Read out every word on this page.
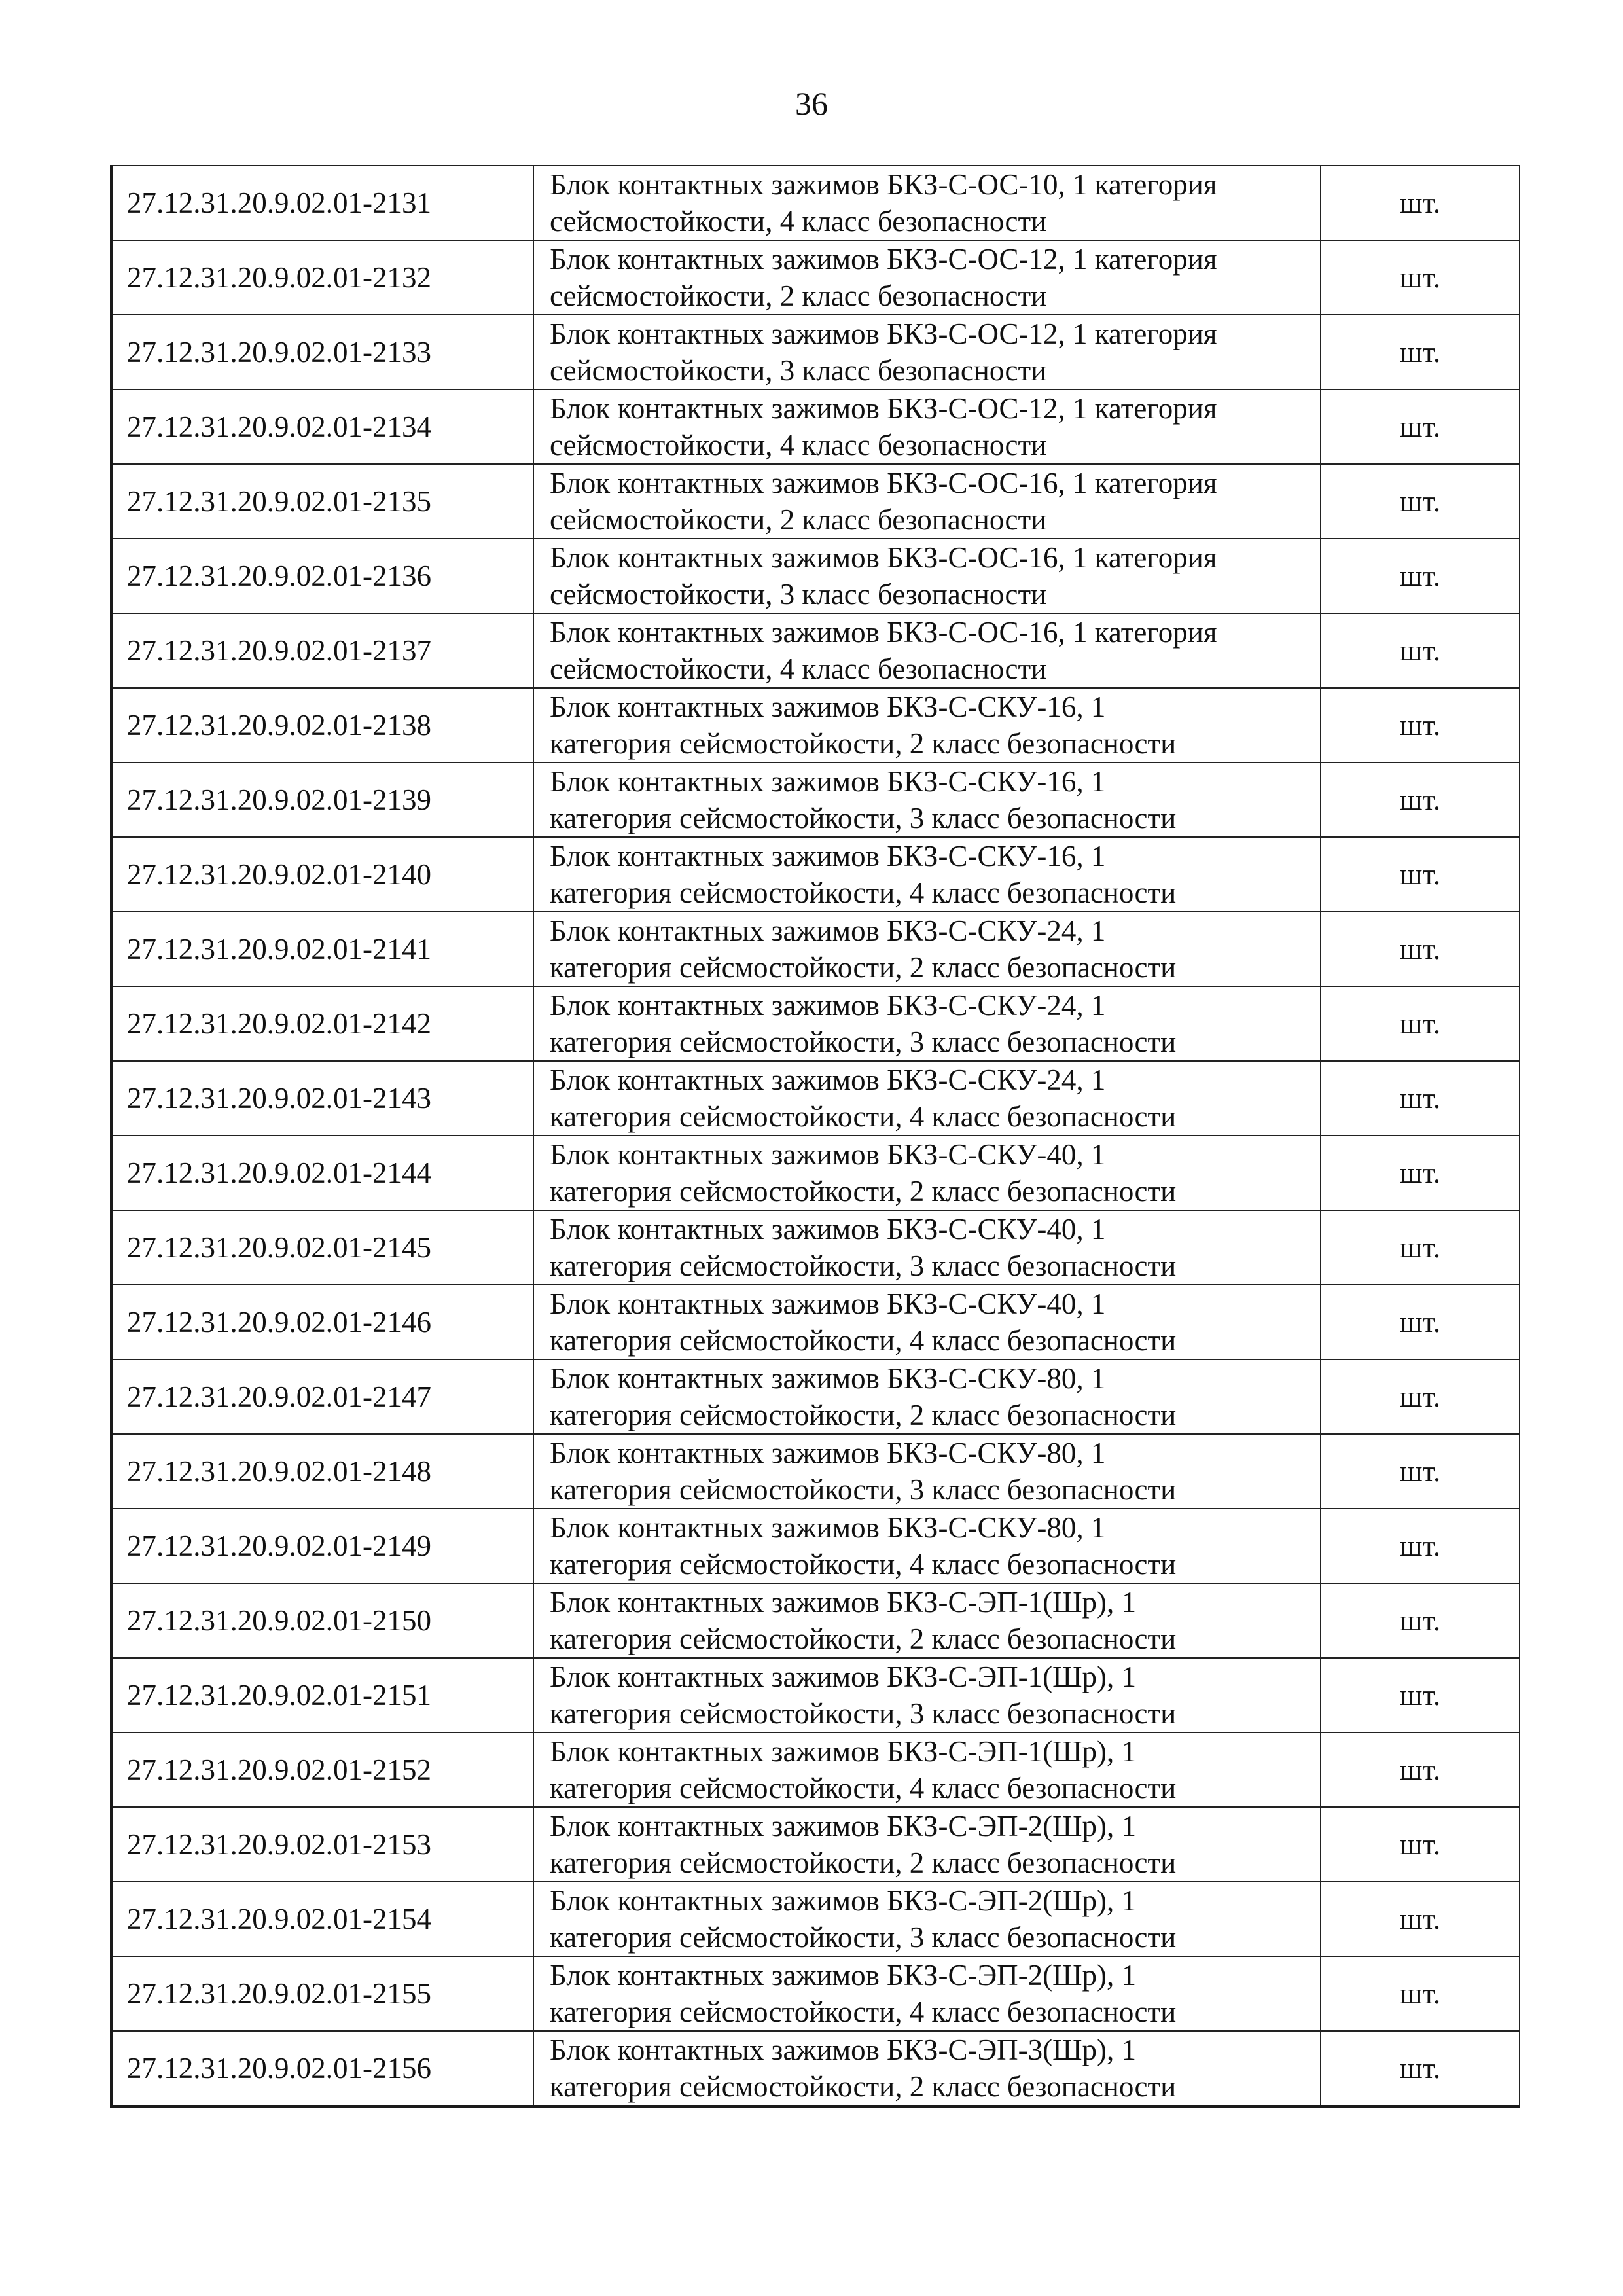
36
27.12.31.20.9.02.01-2131	Блок контактных зажимов БКЗ-С-ОС-10, 1 категория
сейсмостойкости, 4 класс безопасности	шт.
27.12.31.20.9.02.01-2132	Блок контактных зажимов БКЗ-С-ОС-12, 1 категория
сейсмостойкости, 2 класс безопасности	шт.
27.12.31.20.9.02.01-2133	Блок контактных зажимов БКЗ-С-ОС-12, 1 категория
сейсмостойкости, 3 класс безопасности	шт.
27.12.31.20.9.02.01-2134	Блок контактных зажимов БКЗ-С-ОС-12, 1 категория
сейсмостойкости, 4 класс безопасности	шт.
27.12.31.20.9.02.01-2135	Блок контактных зажимов БКЗ-С-ОС-16, 1 категория
сейсмостойкости, 2 класс безопасности	шт.
27.12.31.20.9.02.01-2136	Блок контактных зажимов БКЗ-С-ОС-16, 1 категория
сейсмостойкости, 3 класс безопасности	шт.
27.12.31.20.9.02.01-2137	Блок контактных зажимов БКЗ-С-ОС-16, 1 категория
сейсмостойкости, 4 класс безопасности	шт.
27.12.31.20.9.02.01-2138	Блок контактных зажимов БКЗ-С-СКУ-16, 1
категория сейсмостойкости, 2 класс безопасности	шт.
27.12.31.20.9.02.01-2139	Блок контактных зажимов БКЗ-С-СКУ-16, 1
категория сейсмостойкости, 3 класс безопасности	шт.
27.12.31.20.9.02.01-2140	Блок контактных зажимов БКЗ-С-СКУ-16, 1
категория сейсмостойкости, 4 класс безопасности	шт.
27.12.31.20.9.02.01-2141	Блок контактных зажимов БКЗ-С-СКУ-24, 1
категория сейсмостойкости, 2 класс безопасности	шт.
27.12.31.20.9.02.01-2142	Блок контактных зажимов БКЗ-С-СКУ-24, 1
категория сейсмостойкости, 3 класс безопасности	шт.
27.12.31.20.9.02.01-2143	Блок контактных зажимов БКЗ-С-СКУ-24, 1
категория сейсмостойкости, 4 класс безопасности	шт.
27.12.31.20.9.02.01-2144	Блок контактных зажимов БКЗ-С-СКУ-40, 1
категория сейсмостойкости, 2 класс безопасности	шт.
27.12.31.20.9.02.01-2145	Блок контактных зажимов БКЗ-С-СКУ-40, 1
категория сейсмостойкости, 3 класс безопасности	шт.
27.12.31.20.9.02.01-2146	Блок контактных зажимов БКЗ-С-СКУ-40, 1
категория сейсмостойкости, 4 класс безопасности	шт.
27.12.31.20.9.02.01-2147	Блок контактных зажимов БКЗ-С-СКУ-80, 1
категория сейсмостойкости, 2 класс безопасности	шт.
27.12.31.20.9.02.01-2148	Блок контактных зажимов БКЗ-С-СКУ-80, 1
категория сейсмостойкости, 3 класс безопасности	шт.
27.12.31.20.9.02.01-2149	Блок контактных зажимов БКЗ-С-СКУ-80, 1
категория сейсмостойкости, 4 класс безопасности	шт.
27.12.31.20.9.02.01-2150	Блок контактных зажимов БКЗ-С-ЭП-1(Шр), 1
категория сейсмостойкости, 2 класс безопасности	шт.
27.12.31.20.9.02.01-2151	Блок контактных зажимов БКЗ-С-ЭП-1(Шр), 1
категория сейсмостойкости, 3 класс безопасности	шт.
27.12.31.20.9.02.01-2152	Блок контактных зажимов БКЗ-С-ЭП-1(Шр), 1
категория сейсмостойкости, 4 класс безопасности	шт.
27.12.31.20.9.02.01-2153	Блок контактных зажимов БКЗ-С-ЭП-2(Шр), 1
категория сейсмостойкости, 2 класс безопасности	шт.
27.12.31.20.9.02.01-2154	Блок контактных зажимов БКЗ-С-ЭП-2(Шр), 1
категория сейсмостойкости, 3 класс безопасности	шт.
27.12.31.20.9.02.01-2155	Блок контактных зажимов БКЗ-С-ЭП-2(Шр), 1
категория сейсмостойкости, 4 класс безопасности	шт.
27.12.31.20.9.02.01-2156	Блок контактных зажимов БКЗ-С-ЭП-3(Шр), 1
категория сейсмостойкости, 2 класс безопасности	шт.
